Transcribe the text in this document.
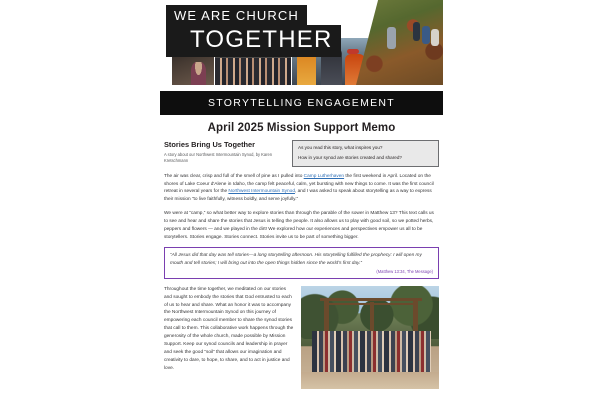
WE ARE CHURCH
TOGETHER
STORYTELLING ENGAGEMENT
April 2025 Mission Support Memo
Stories Bring Us Together

A story about our Northwest Intermountain Synod, by Karen Kretschmann

As you read this story, what inspires you?

How in your synod are stories created and shared?

The air was clear, crisp and full of the smell of pine as I pulled into Camp Lutherhaven the first weekend in April. Located on the shores of Lake Coeur d'Alene in Idaho, the camp felt peaceful, calm, yet bursting with new things to come. It was the first council retreat in several years for the Northwest Intermountain Synod, and I was asked to speak about storytelling as a way to express their mission “to live faithfully, witness boldly, and serve joyfully.”

We were at “camp,” so what better way to explore stories than through the parable of the sower in Matthew 13? This text calls us to see and hear and share the stories that Jesus is telling the people. It also allows us to play with good soil, so we potted herbs, peppers and flowers — and we played in the dirt! We explored how our experiences and perspectives empower us all to be storytellers. Stories engage. Stories connect. Stories invite us to be part of something bigger.

“All Jesus did that day was tell stories—a long storytelling afternoon. His storytelling fulfilled the prophecy: I will open my mouth and tell stories; I will bring out into the open things hidden since the world's first day.”

(Matthew 13:34, The Message)

Throughout the time together, we meditated on our stories and sought to embody the stories that God entrusted to each of us to hear and share. What an honor it was to accompany the Northwest Intermountain Synod on this journey of empowering each council member to share the synod stories that call to them. This collaborative work happens through the generosity of the whole church, made possible by Mission Support. Keep our synod councils and leadership in prayer and seek the good “soil” that allows our imagination and creativity to dare, to hope, to share, and to act in justice and love.
